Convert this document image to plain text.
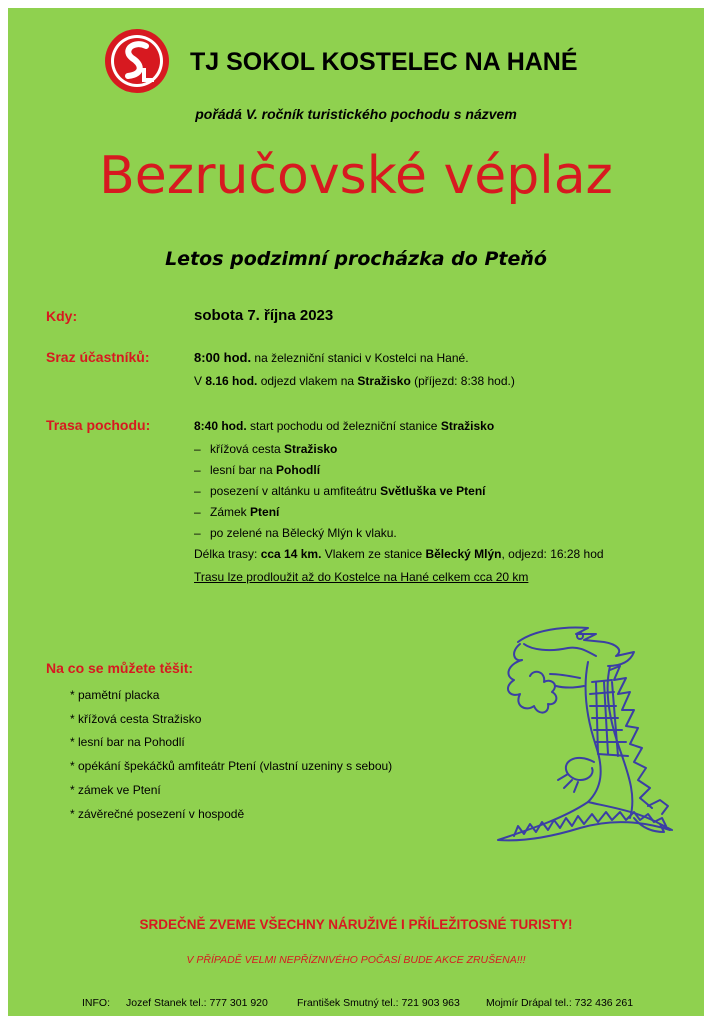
TJ SOKOL KOSTELEC NA HANÉ
pořádá V. ročník turistického pochodu s názvem
Bezručovské véplaz
Letos podzimní procházka do Pteňó
Kdy:	sobota 7. října 2023
Sraz účastníků:	8:00 hod. na železniční stanici v Kostelci na Hané.
V 8.16 hod. odjezd vlakem na Stražisko (příjezd: 8:38 hod.)
Trasa pochodu:	8:40 hod. start pochodu od železniční stanice Stražisko
– křížová cesta Stražisko
– lesní bar na Pohodlí
– posezení v altánku u amfiteátru Světluška ve Ptení
– Zámek Ptení
– po zelené na Bělecký Mlýn k vlaku.
Délka trasy: cca 14 km. Vlakem ze stanice Bělecký Mlýn, odjezd: 16:28 hod
Trasu lze prodloužit až do Kostelce na Hané celkem cca 20 km
Na co se můžete těšit:
* pamětní placka
* křížová cesta Stražisko
* lesní bar na Pohodlí
* opékání špekáčků amfiteátr Ptení (vlastní uzeniny s sebou)
* zámek ve Ptení
* závěrečné posezení v hospodě
SRDEČNĚ ZVEME VŠECHNY NÁRUŽIVÉ I PŘÍLEŽITOSNÉ TURISTY!
V PŘÍPADĚ VELMI NEPŘÍZNIVÉHO POČASÍ BUDE AKCE ZRUŠENA!!!
INFO: Jozef Stanek tel.: 777 301 920	František Smutný tel.: 721 903 963 Mojmír Drápal tel.: 732 436 261
